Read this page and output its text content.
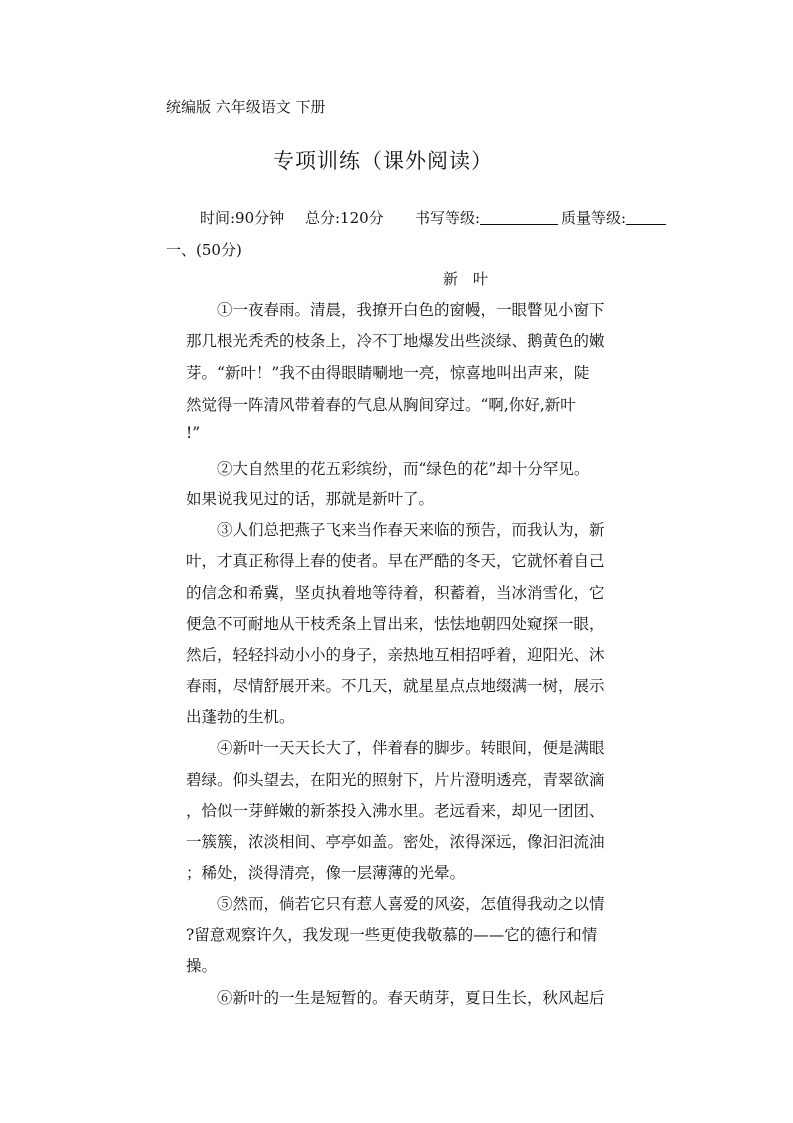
统编版 六年级语文 下册
专项训练（课外阅读）
时间:90分钟 总分:120分 书写等级:	质量等级:
一、(50分)
新　叶
　　①一夜春雨。清晨，我撩开白色的窗幔，一眼瞥见小窗下
那几根光秃秃的枝条上，冷不丁地爆发出些淡绿、鹅黄色的嫩
芽。“新叶！”我不由得眼睛唰地一亮，惊喜地叫出声来，陡
然觉得一阵清风带着春的气息从胸间穿过。“啊,你好,新叶
!”
　　②大自然里的花五彩缤纷，而“绿色的花”却十分罕见。
如果说我见过的话，那就是新叶了。
　　③人们总把燕子飞来当作春天来临的预告，而我认为，新
叶，才真正称得上春的使者。早在严酷的冬天，它就怀着自己
的信念和希冀，坚贞执着地等待着，积蓄着，当冰消雪化，它
便急不可耐地从干枝秃条上冒出来，怯怯地朝四处窥探一眼，
然后，轻轻抖动小小的身子，亲热地互相招呼着，迎阳光、沐
春雨，尽情舒展开来。不几天，就星星点点地缀满一树，展示
出蓬勃的生机。
　　④新叶一天天长大了，伴着春的脚步。转眼间，便是满眼
碧绿。仰头望去，在阳光的照射下，片片澄明透亮，青翠欲滴
，恰似一芽鲜嫩的新茶投入沸水里。老远看来，却见一团团、
一簇簇，浓淡相间、亭亭如盖。密处，浓得深远，像汩汩流油
；稀处，淡得清亮，像一层薄薄的光晕。
　　⑤然而，倘若它只有惹人喜爱的风姿，怎值得我动之以情
?留意观察许久，我发现一些更使我敬慕的——它的德行和情
操。
　　⑥新叶的一生是短暂的。春天萌芽，夏日生长，秋风起后
